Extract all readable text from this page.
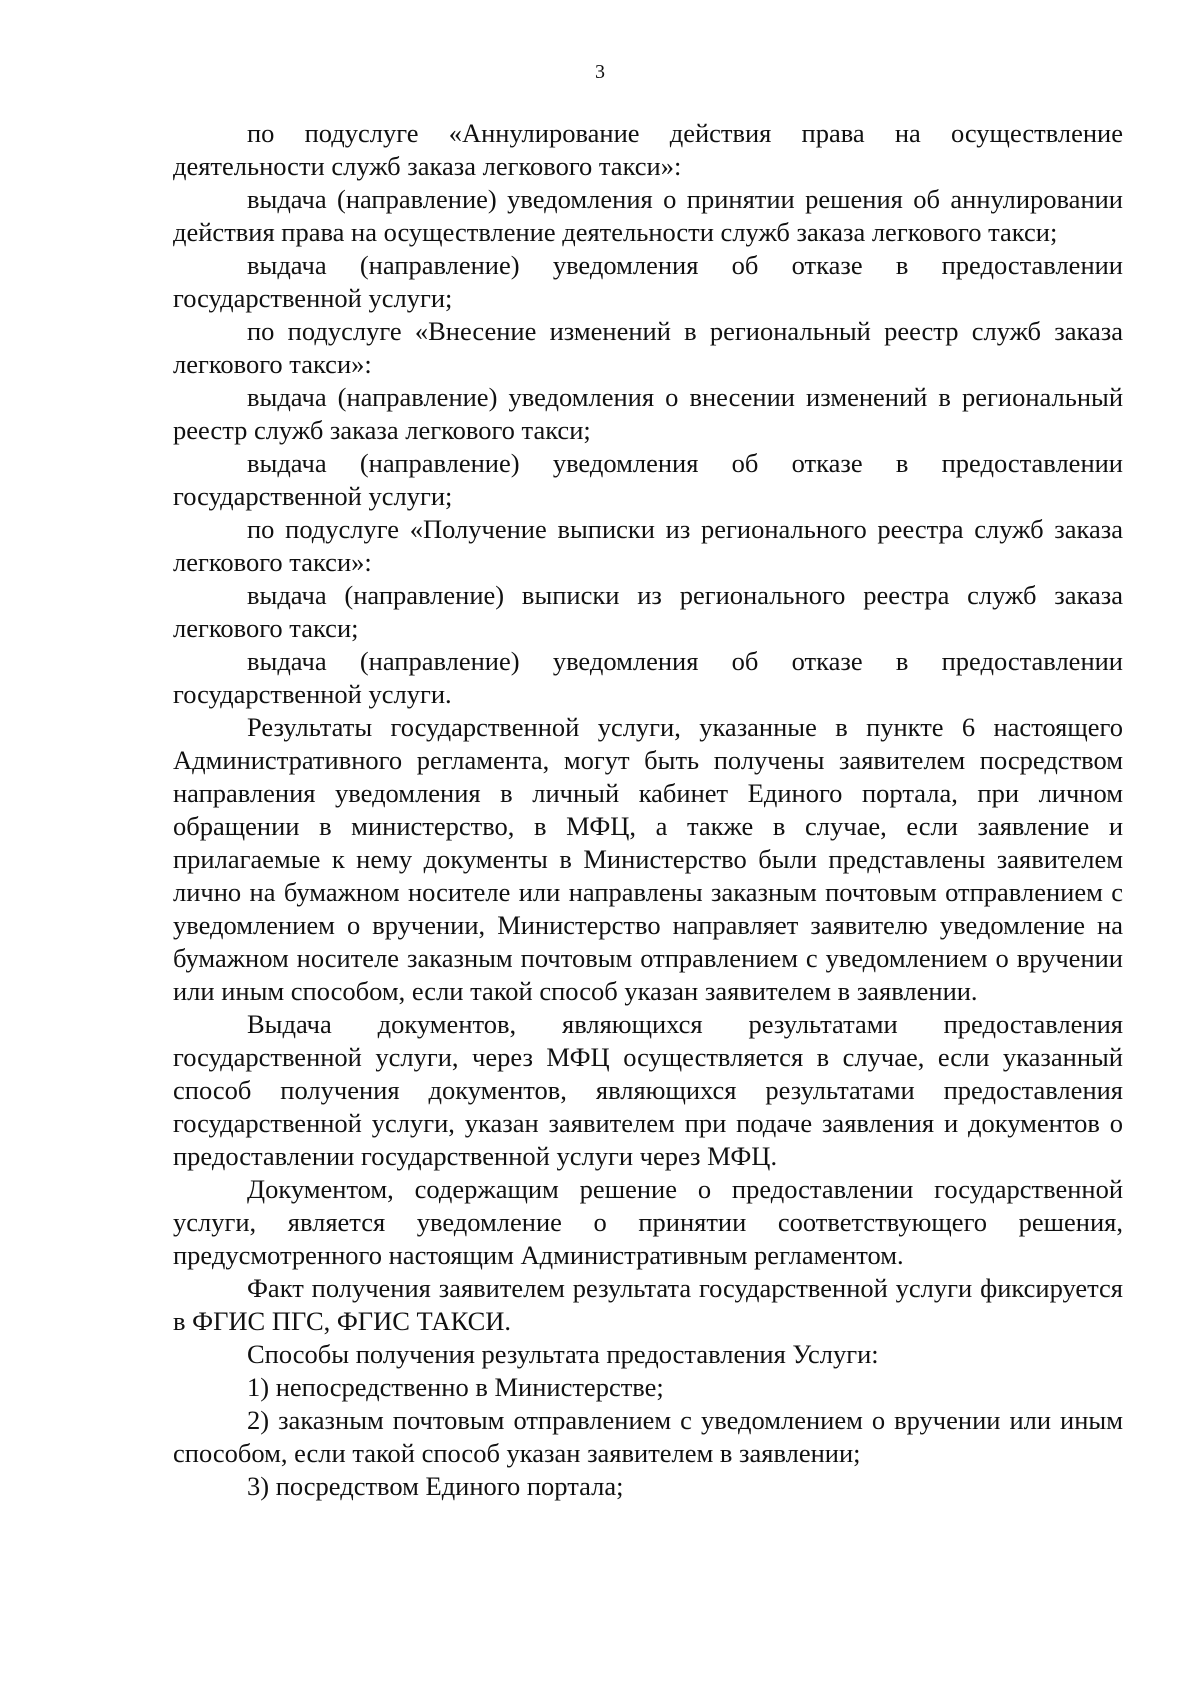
3

по подуслуге «Аннулирование действия права на осуществление деятельности служб заказа легкового такси»:

выдача (направление) уведомления о принятии решения об аннулировании действия права на осуществление деятельности служб заказа легкового такси;

выдача (направление) уведомления об отказе в предоставлении государственной услуги;

по подуслуге «Внесение изменений в региональный реестр служб заказа легкового такси»:

выдача (направление) уведомления о внесении изменений в региональный реестр служб заказа легкового такси;

выдача (направление) уведомления об отказе в предоставлении государственной услуги;

по подуслуге «Получение выписки из регионального реестра служб заказа легкового такси»:

выдача (направление) выписки из регионального реестра служб заказа легкового такси;

выдача (направление) уведомления об отказе в предоставлении государственной услуги.

Результаты государственной услуги, указанные в пункте 6 настоящего Административного регламента, могут быть получены заявителем посредством направления уведомления в личный кабинет Единого портала, при личном обращении в министерство, в МФЦ, а также в случае, если заявление и прилагаемые к нему документы в Министерство были представлены заявителем лично на бумажном носителе или направлены заказным почтовым отправлением с уведомлением о вручении, Министерство направляет заявителю уведомление на бумажном носителе заказным почтовым отправлением с уведомлением о вручении или иным способом, если такой способ указан заявителем в заявлении.

Выдача документов, являющихся результатами предоставления государственной услуги, через МФЦ осуществляется в случае, если указанный способ получения документов, являющихся результатами предоставления государственной услуги, указан заявителем при подаче заявления и документов о предоставлении государственной услуги через МФЦ.

Документом, содержащим решение о предоставлении государственной услуги, является уведомление о принятии соответствующего решения, предусмотренного настоящим Административным регламентом.

Факт получения заявителем результата государственной услуги фиксируется в ФГИС ПГС, ФГИС ТАКСИ.

Способы получения результата предоставления Услуги:

1) непосредственно в Министерстве;

2) заказным почтовым отправлением с уведомлением о вручении или иным способом, если такой способ указан заявителем в заявлении;

3) посредством Единого портала;
